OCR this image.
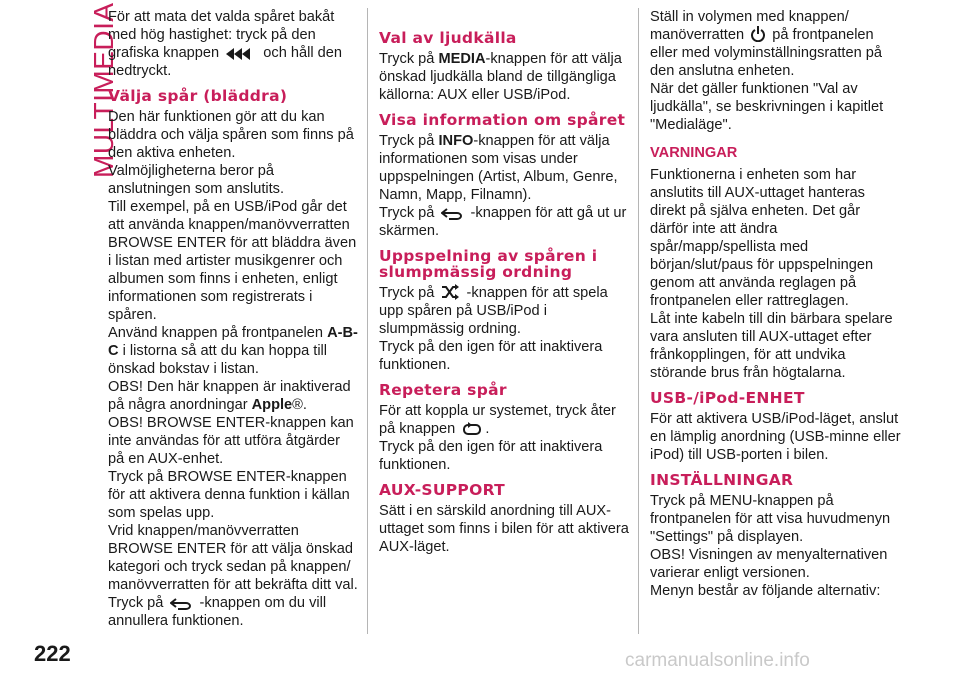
MULTIMEDIA
222

För att mata det valda spåret bakåt med hög hastighet: tryck på den grafiska knappen	och håll den nedtryckt.

Välja spår (bläddra)

Den här funktionen gör att du kan bläddra och välja spåren som finns på den aktiva enheten.

Valmöjligheterna beror på anslutningen som anslutits.

Till exempel, på en USB/iPod går det att använda knappen/manövverratten BROWSE ENTER för att bläddra även i listan med artister musikgenrer och albumen som finns i enheten, enligt informationen som registrerats i spåren.

Använd knappen på frontpanelen A-B-C i listorna så att du kan hoppa till önskad bokstav i listan.

OBS! Den här knappen är inaktiverad på några anordningar Apple®.

OBS! BROWSE ENTER-knappen kan inte användas för att utföra åtgärder på en AUX-enhet.

Tryck på BROWSE ENTER-knappen för att aktivera denna funktion i källan som spelas upp.

Vrid knappen/manövverratten BROWSE ENTER för att välja önskad kategori och tryck sedan på knappen/ manövverratten för att bekräfta ditt val.

Tryck på -knappen om du vill annullera funktionen.

Val av ljudkälla

Tryck på MEDIA-knappen för att välja önskad ljudkälla bland de tillgängliga källorna: AUX eller USB/iPod.

Visa information om spåret

Tryck på INFO-knappen för att välja informationen som visas under uppspelningen (Artist, Album, Genre, Namn, Mapp, Filnamn).

Tryck på -knappen för att gå ut ur skärmen.

Uppspelning av spåren i slumpmässig ordning

Tryck på -knappen för att spela upp spåren på USB/iPod i slumpmässig ordning.

Tryck på den igen för att inaktivera funktionen.

Repetera spår

För att koppla ur systemet, tryck åter på knappen .

Tryck på den igen för att inaktivera funktionen.

AUX-SUPPORT

Sätt i en särskild anordning till AUX-uttaget som finns i bilen för att aktivera AUX-läget.

Ställ in volymen med knappen/ manöverratten på frontpanelen eller med volyminställningsratten på den anslutna enheten.

När det gäller funktionen "Val av ljudkälla", se beskrivningen i kapitlet "Medialäge".

VARNINGAR

Funktionerna i enheten som har anslutits till AUX-uttaget hanteras direkt på själva enheten. Det går därför inte att ändra spår/mapp/spellista med början/slut/paus för uppspelningen genom att använda reglagen på frontpanelen eller rattreglagen.

Låt inte kabeln till din bärbara spelare vara ansluten till AUX-uttaget efter frånkopplingen, för att undvika störande brus från högtalarna.

USB-/iPod-ENHET

För att aktivera USB/iPod-läget, anslut en lämplig anordning (USB-minne eller iPod) till USB-porten i bilen.

INSTÄLLNINGAR

Tryck på MENU-knappen på frontpanelen för att visa huvudmenyn "Settings" på displayen.

OBS! Visningen av menyalternativen varierar enligt versionen.

Menyn består av följande alternativ:

carmanualsonline.info
